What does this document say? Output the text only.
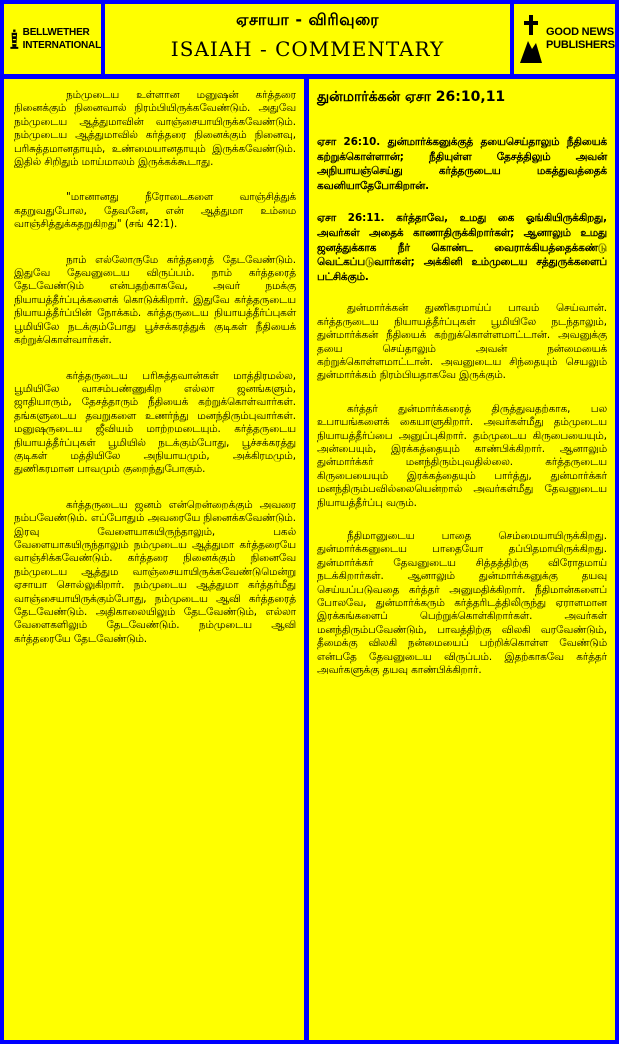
BELLWETHER
INTERNATIONAL
ஏசாயா - விரிவுரை
ISAIAH - COMMENTARY
GOOD NEWS
PUBLISHERS

நம்முடைய உள்ளான மனுஷன் கர்த்தரை நினைக்கும் நினைவால் நிரம்பியிருக்கவேண்டும். அதுவே நம்முடைய ஆத்துமாவின் வாஞ்சையாயிருக்கவேண்டும். நம்முடைய ஆத்துமாவில் கர்த்தரை நினைக்கும் நினைவு, பரிசுத்தமானதாயும், உண்மையானதாயும் இருக்கவேண்டும். இதில் சிறிதும் மாய்மாலம் இருக்கக்கூடாது.

"மானானது நீரோடைகளை வாஞ்சித்துக் கதறுவதுபோல, தேவனே, என் ஆத்துமா உம்மை வாஞ்சித்துக்கதறுகிறது" (சங் 42:1).

நாம் எல்லோருமே கர்த்தரைத் தேடவேண்டும். இதுவே தேவனுடைய விருப்பம். நாம் கர்த்தரைத் தேடவேண்டும் என்பதற்காகவே, அவர் நமக்கு நியாயத்தீர்ப்புக்களைக் கொடுக்கிறார். இதுவே கர்த்தருடைய நியாயத்தீர்ப்பின் நோக்கம். கர்த்தருடைய நியாயத்தீர்ப்புகள் பூமியிலே நடக்கும்போது பூச்சக்கரத்துக் குடிகள் நீதியைக் கற்றுக்கொள்வார்கள்.

கர்த்தருடைய பரிசுத்தவான்கள் மாத்திரமல்ல, பூமியிலே வாசம்பண்ணுகிற எல்லா ஜனங்களும், ஜாதியாரும், தேசத்தாரும் நீதியைக் கற்றுக்கொள்வார்கள். தங்களுடைய தவறுகளை உணர்ந்து மனந்திரும்புவார்கள். மனுஷருடைய ஜீவியம் மாற்றமடையும். கர்த்தருடைய நியாயத்தீர்ப்புகள் பூமியில் நடக்கும்போது, பூச்சக்கரத்து குடிகள் மத்தியிலே அநியாயமும், அக்கிரமமும், துணிகரமான பாவமும் குறைந்துபோகும்.

கர்த்தருடைய ஜனம் என்றென்றைக்கும் அவரை நம்பவேண்டும். எப்போதும் அவரையே நினைக்கவேண்டும். இரவு வேளையாகயிருந்தாலும், பகல் வேளையாகயிருந்தாலும் நம்முடைய ஆத்துமா கர்த்தரையே வாஞ்சிக்கவேண்டும். கர்த்தரை நினைக்கும் நினைவே நம்முடைய ஆத்தும வாஞ்சையாயிருக்கவேண்டுமென்று ஏசாயா சொல்லுகிறார். நம்முடைய ஆத்துமா கர்த்தர்மீது வாஞ்சையாயிருக்கும்போது, நம்முடைய ஆவி கர்த்தரைத் தேடவேண்டும். அதிகாலையிலும் தேடவேண்டும், எல்லா வேளைகளிலும் தேடவேண்டும். நம்முடைய ஆவி கர்த்தரையே தேடவேண்டும்.

துன்மார்க்கன் ஏசா 26:10,11

ஏசா 26:10. துன்மார்க்கனுக்குத் தயைசெய்தாலும் நீதியைக் கற்றுக்கொள்ளான்; நீதியுள்ள தேசத்திலும் அவன் அநியாயஞ்செய்து கர்த்தருடைய மகத்துவத்தைக் கவனியாதேபோகிறான்.

ஏசா 26:11. கர்த்தாவே, உமது கை ஓங்கியிருக்கிறது, அவர்கள் அதைக் காணாதிருக்கிறார்கள்; ஆனாலும் உமது ஜனத்துக்காக நீர் கொண்ட வைராக்கியத்தைக்கண்டு வெட்கப்படுவார்கள்; அக்கினி உம்முடைய சத்துருக்களைப் பட்சிக்கும்.

துன்மார்க்கன் துணிகரமாய்ப் பாவம் செய்வான். கர்த்தருடைய நியாயத்தீர்ப்புகள் பூமியிலே நடந்தாலும், துன்மார்க்கன் நீதியைக் கற்றுக்கொள்ளமாட்டான். அவனுக்கு தயை செய்தாலும் அவன் நன்மையைக் கற்றுக்கொள்ளமாட்டான். அவனுடைய சிந்தையும் செயலும் துன்மார்க்கம் நிரம்பியதாகவே இருக்கும்.

கர்த்தர் துன்மார்க்கரைத் திருத்துவதற்காக, பல உபாயங்களைக் கையாளுகிறார். அவர்கள்மீது தம்முடைய நியாயத்தீர்ப்பை அனுப்புகிறார். தம்முடைய கிருபையையும், அன்பையும், இரக்கத்தையும் காண்பிக்கிறார். ஆனாலும் துன்மார்க்கர் மனந்திரும்புவதில்லை. கர்த்தருடைய கிருபையையும் இரக்கத்தையும் பார்த்து, துன்மார்க்கர் மனந்திரும்பவில்லையென்றால் அவர்கள்மீது தேவனுடைய நியாயத்தீர்ப்பு வரும்.

நீதிமானுடைய பாதை செம்மையாயிருக்கிறது. துன்மார்க்கனுடைய பாதையோ தப்பிதமாயிருக்கிறது. துன்மார்க்கர் தேவனுடைய சித்தத்திற்கு விரோதமாய் நடக்கிறார்கள். ஆனாலும் துன்மார்க்கனுக்கு தயவு செய்யப்படுவதை கர்த்தர் அனுமதிக்கிறார். நீதிமான்களைப் போலவே, துன்மார்க்கரும் கர்த்தரிடத்திலிருந்து ஏராளமான இரக்கங்களைப் பெற்றுக்கொள்கிறார்கள். அவர்கள் மனந்திரும்பவேண்டும், பாவத்திற்கு விலகி வரவேண்டும், தீமைக்கு விலகி நன்மையைப் பற்றிக்கொள்ள வேண்டும் என்பதே தேவனுடைய விருப்பம். இதற்காகவே கர்த்தர் அவர்களுக்கு தயவு காண்பிக்கிறார்.
